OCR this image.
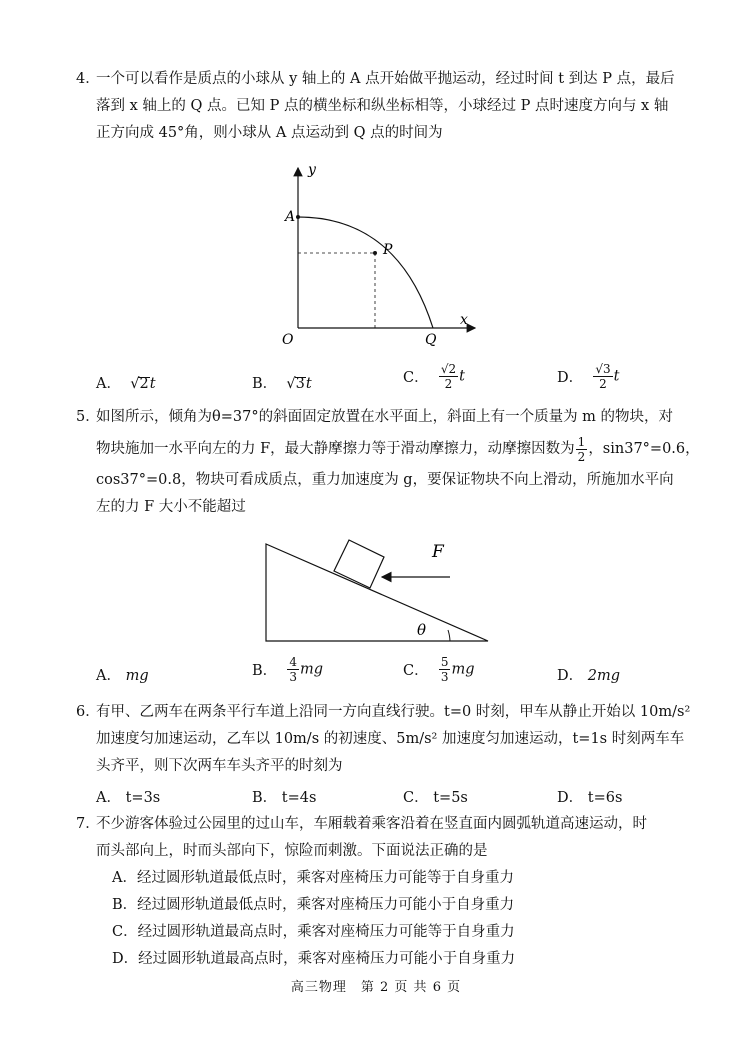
4．
一个可以看作是质点的小球从 y 轴上的 A 点开始做平抛运动，经过时间 t 到达 P 点，最后
落到 x 轴上的 Q 点。已知 P 点的横坐标和纵坐标相等，小球经过 P 点时速度方向与 x 轴
正方向成 45°角，则小球从 A 点运动到 Q 点的时间为
y
x
A
P
O	Q
A．  √2t	B．  √3t	C． $\frac{√2}{2}$ t	D． $\frac{√3}{2}$ t
5．
如图所示，倾角为θ=37°的斜面固定放置在水平面上，斜面上有一个质量为 m 的物块，对
物块施加一水平向左的力 F，最大静摩擦力等于滑动摩擦力，动摩擦因数为 $\frac{1}{2}$ ，sin37°=0.6，
cos37°=0.8，物块可看成质点，重力加速度为 g，要保证物块不向上滑动，所施加水平向
左的力 F 大小不能超过
F
θ
A． mg	B． $\frac{4}{3}$ mg	C． $\frac{5}{3}$ mg	D． 2mg
6．
有甲、乙两车在两条平行车道上沿同一方向直线行驶。t=0 时刻，甲车从静止开始以 10m/s²
加速度匀加速运动，乙车以 10m/s 的初速度、5m/s² 加速度匀加速运动，t=1s 时刻两车车
头齐平，则下次两车车头齐平的时刻为
A． t=3s	B． t=4s	C． t=5s	D． t=6s
7．
不少游客体验过公园里的过山车，车厢载着乘客沿着在竖直面内圆弧轨道高速运动，时
而头部向上，时而头部向下，惊险而刺激。下面说法正确的是
A．经过圆形轨道最低点时，乘客对座椅压力可能等于自身重力
B．经过圆形轨道最低点时，乘客对座椅压力可能小于自身重力
C．经过圆形轨道最高点时，乘客对座椅压力可能等于自身重力
D．经过圆形轨道最高点时，乘客对座椅压力可能小于自身重力
高三物理　第 2 页 共 6 页
